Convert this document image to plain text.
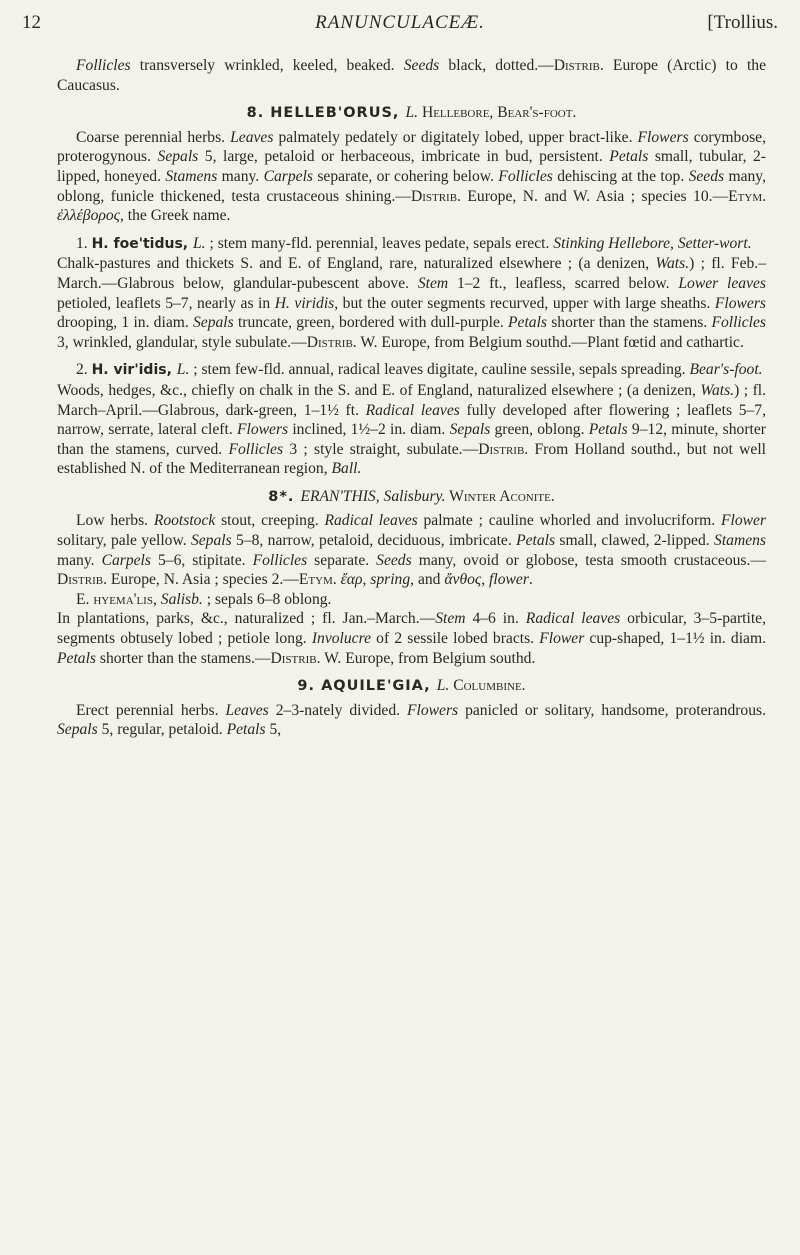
12	RANUNCULACEÆ.	[Trollius.

Follicles transversely wrinkled, keeled, beaked. Seeds black, dotted.—Distrib. Europe (Arctic) to the Caucasus.

8. HELLEB'ORUS, L. Hellebore, Bear's-foot.

Coarse perennial herbs. Leaves palmately pedately or digitately lobed, upper bract-like. Flowers corymbose, proterogynous. Sepals 5, large, petaloid or herbaceous, imbricate in bud, persistent. Petals small, tubular, 2-lipped, honeyed. Stamens many. Carpels separate, or cohering below. Follicles dehiscing at the top. Seeds many, oblong, funicle thickened, testa crustaceous shining.—Distrib. Europe, N. and W. Asia ; species 10.—Etym. ἐλλέβορος, the Greek name.

1. H. foe'tidus, L. ; stem many-fld. perennial, leaves pedate, sepals erect. Stinking Hellebore, Setter-wort.

Chalk-pastures and thickets S. and E. of England, rare, naturalized elsewhere ; (a denizen, Wats.) ; fl. Feb.–March.—Glabrous below, glandular-pubescent above. Stem 1–2 ft., leafless, scarred below. Lower leaves petioled, leaflets 5–7, nearly as in H. viridis, but the outer segments recurved, upper with large sheaths. Flowers drooping, 1 in. diam. Sepals truncate, green, bordered with dull-purple. Petals shorter than the stamens. Follicles 3, wrinkled, glandular, style subulate.—Distrib. W. Europe, from Belgium southd.—Plant fœtid and cathartic.

2. H. vir'idis, L. ; stem few-fld. annual, radical leaves digitate, cauline sessile, sepals spreading. Bear's-foot.

Woods, hedges, &c., chiefly on chalk in the S. and E. of England, naturalized elsewhere ; (a denizen, Wats.) ; fl. March–April.—Glabrous, dark-green, 1–1½ ft. Radical leaves fully developed after flowering ; leaflets 5–7, narrow, serrate, lateral cleft. Flowers inclined, 1½–2 in. diam. Sepals green, oblong. Petals 9–12, minute, shorter than the stamens, curved. Follicles 3 ; style straight, subulate.—Distrib. From Holland southd., but not well established N. of the Mediterranean region, Ball.

8*. ERAN'THIS, Salisbury. Winter Aconite.

Low herbs. Rootstock stout, creeping. Radical leaves palmate ; cauline whorled and involucriform. Flower solitary, pale yellow. Sepals 5–8, narrow, petaloid, deciduous, imbricate. Petals small, clawed, 2-lipped. Stamens many. Carpels 5–6, stipitate. Follicles separate. Seeds many, ovoid or globose, testa smooth crustaceous.—Distrib. Europe, N. Asia ; species 2.—Etym. ἔαρ, spring, and ἄνθος, flower.

E. hyema'lis, Salisb. ; sepals 6–8 oblong.

In plantations, parks, &c., naturalized ; fl. Jan.–March.—Stem 4–6 in. Radical leaves orbicular, 3–5-partite, segments obtusely lobed ; petiole long. Involucre of 2 sessile lobed bracts. Flower cup-shaped, 1–1½ in. diam. Petals shorter than the stamens.—Distrib. W. Europe, from Belgium southd.

9. AQUILE'GIA, L. Columbine.

Erect perennial herbs. Leaves 2–3-nately divided. Flowers panicled or solitary, handsome, proterandrous. Sepals 5, regular, petaloid. Petals 5,
